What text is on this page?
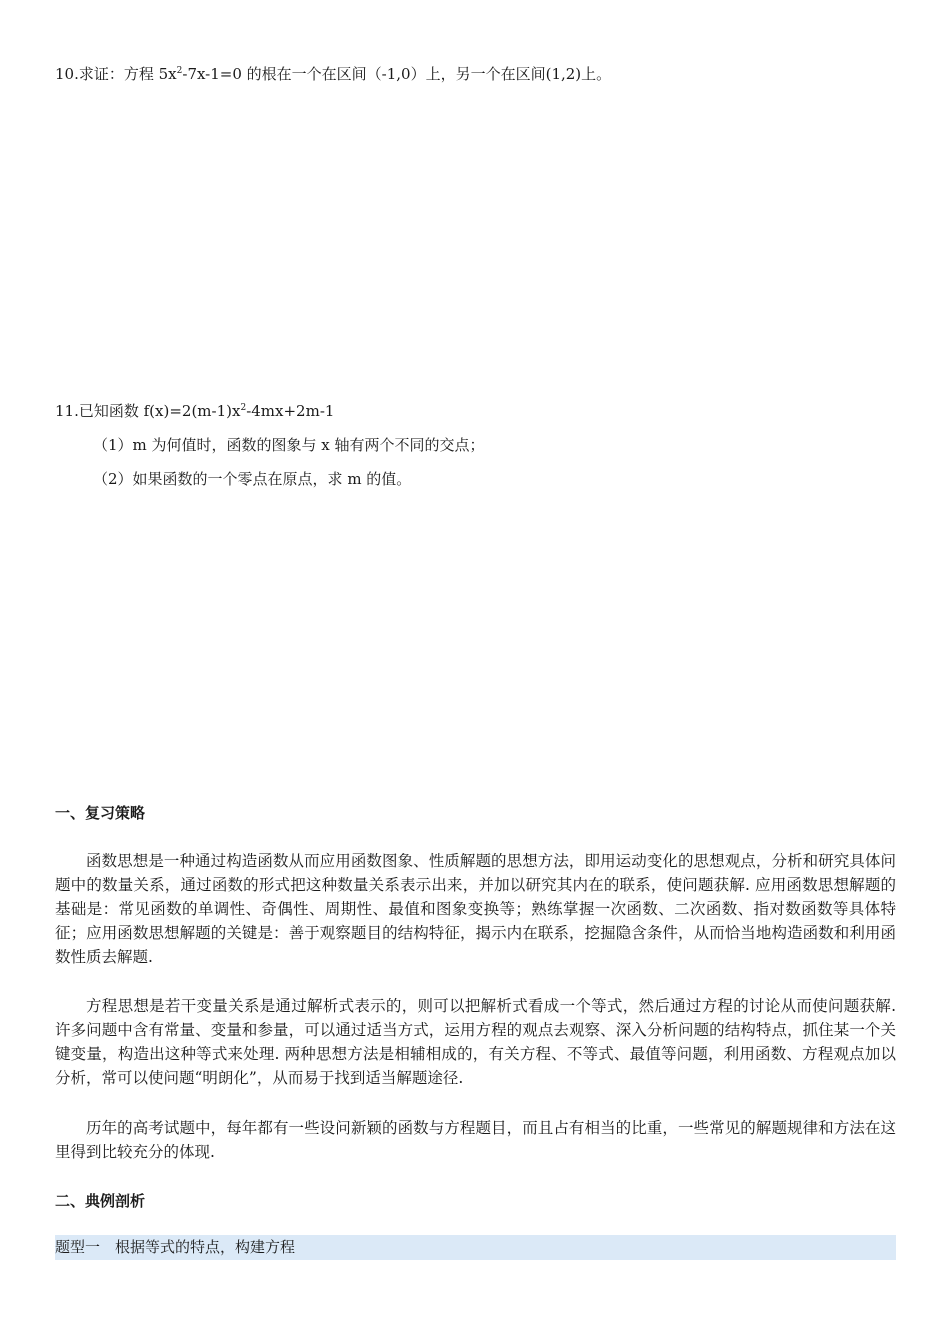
10.求证：方程 $5x^2-7x-1=0$ 的根在一个在区间（-1,0）上，另一个在区间(1,2)上。
11.已知函数 $f(x)=2(m-1)x^2-4mx+2m-1$
（1）m 为何值时，函数的图象与 x 轴有两个不同的交点；
（2）如果函数的一个零点在原点，求 m 的值。
一、复习策略
函数思想是一种通过构造函数从而应用函数图象、性质解题的思想方法，即用运动变化的思想观点，分析和研究具体问题中的数量关系，通过函数的形式把这种数量关系表示出来，并加以研究其内在的联系，使问题获解. 应用函数思想解题的基础是：常见函数的单调性、奇偶性、周期性、最值和图象变换等；熟练掌握一次函数、二次函数、指对数函数等具体特征；应用函数思想解题的关键是：善于观察题目的结构特征，揭示内在联系，挖掘隐含条件，从而恰当地构造函数和利用函数性质去解题.
方程思想是若干变量关系是通过解析式表示的，则可以把解析式看成一个等式，然后通过方程的讨论从而使问题获解. 许多问题中含有常量、变量和参量，可以通过适当方式，运用方程的观点去观察、深入分析问题的结构特点，抓住某一个关键变量，构造出这种等式来处理. 两种思想方法是相辅相成的，有关方程、不等式、最值等问题，利用函数、方程观点加以分析，常可以使问题“明朗化”，从而易于找到适当解题途径.
历年的高考试题中，每年都有一些设问新颖的函数与方程题目，而且占有相当的比重，一些常见的解题规律和方法在这里得到比较充分的体现.
二、典例剖析
题型一　根据等式的特点，构建方程
